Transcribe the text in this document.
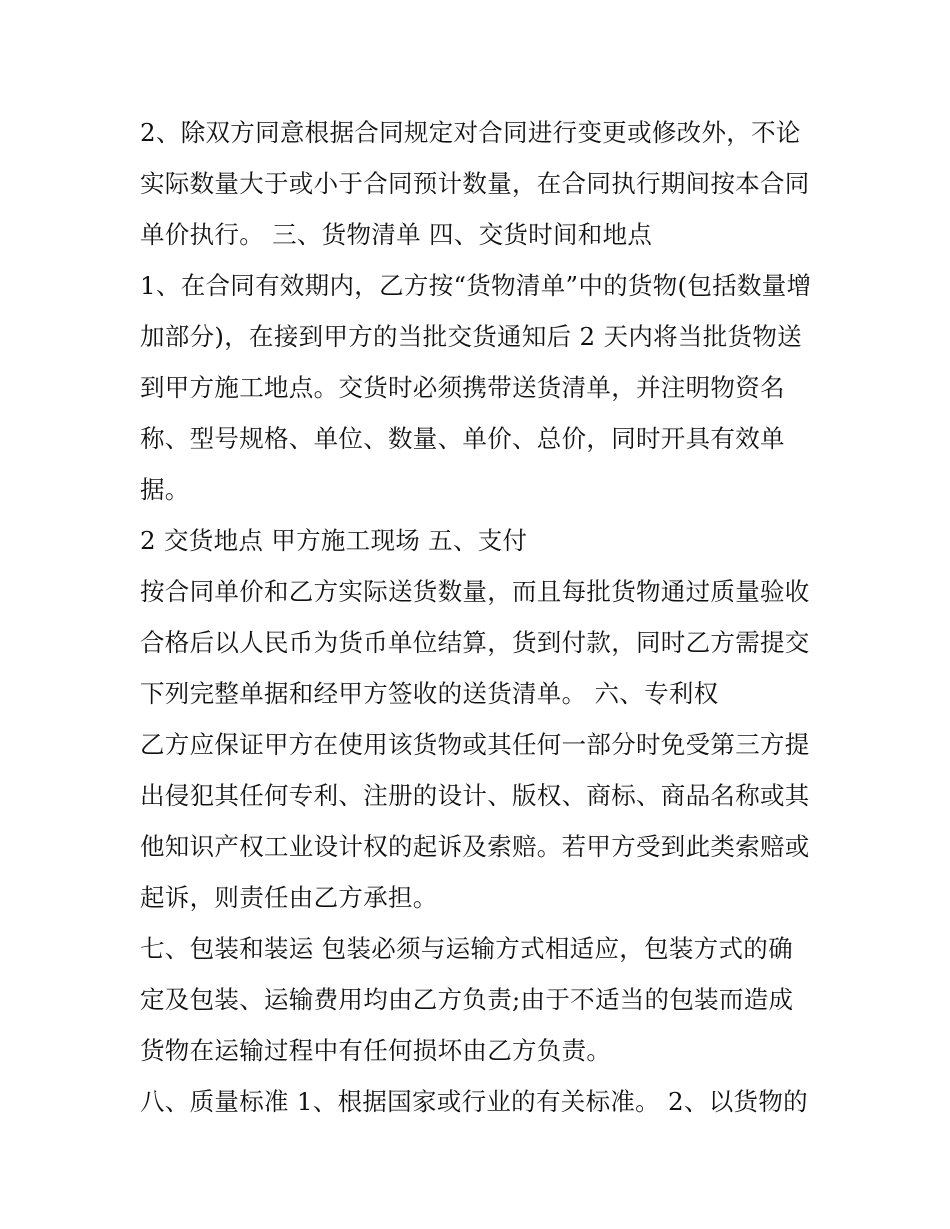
2、除双方同意根据合同规定对合同进行变更或修改外，不论
实际数量大于或小于合同预计数量，在合同执行期间按本合同
单价执行。 三、货物清单 四、交货时间和地点
1、在合同有效期内，乙方按“货物清单”中的货物(包括数量增
加部分)，在接到甲方的当批交货通知后 2 天内将当批货物送
到甲方施工地点。交货时必须携带送货清单，并注明物资名
称、型号规格、单位、数量、单价、总价，同时开具有效单
据。
2 交货地点 甲方施工现场 五、支付
按合同单价和乙方实际送货数量，而且每批货物通过质量验收
合格后以人民币为货币单位结算，货到付款，同时乙方需提交
下列完整单据和经甲方签收的送货清单。 六、专利权
乙方应保证甲方在使用该货物或其任何一部分时免受第三方提
出侵犯其任何专利、注册的设计、版权、商标、商品名称或其
他知识产权工业设计权的起诉及索赔。若甲方受到此类索赔或
起诉，则责任由乙方承担。
七、包装和装运 包装必须与运输方式相适应，包装方式的确
定及包装、运输费用均由乙方负责;由于不适当的包装而造成
货物在运输过程中有任何损坏由乙方负责。
八、质量标准 1、根据国家或行业的有关标准。 2、以货物的
